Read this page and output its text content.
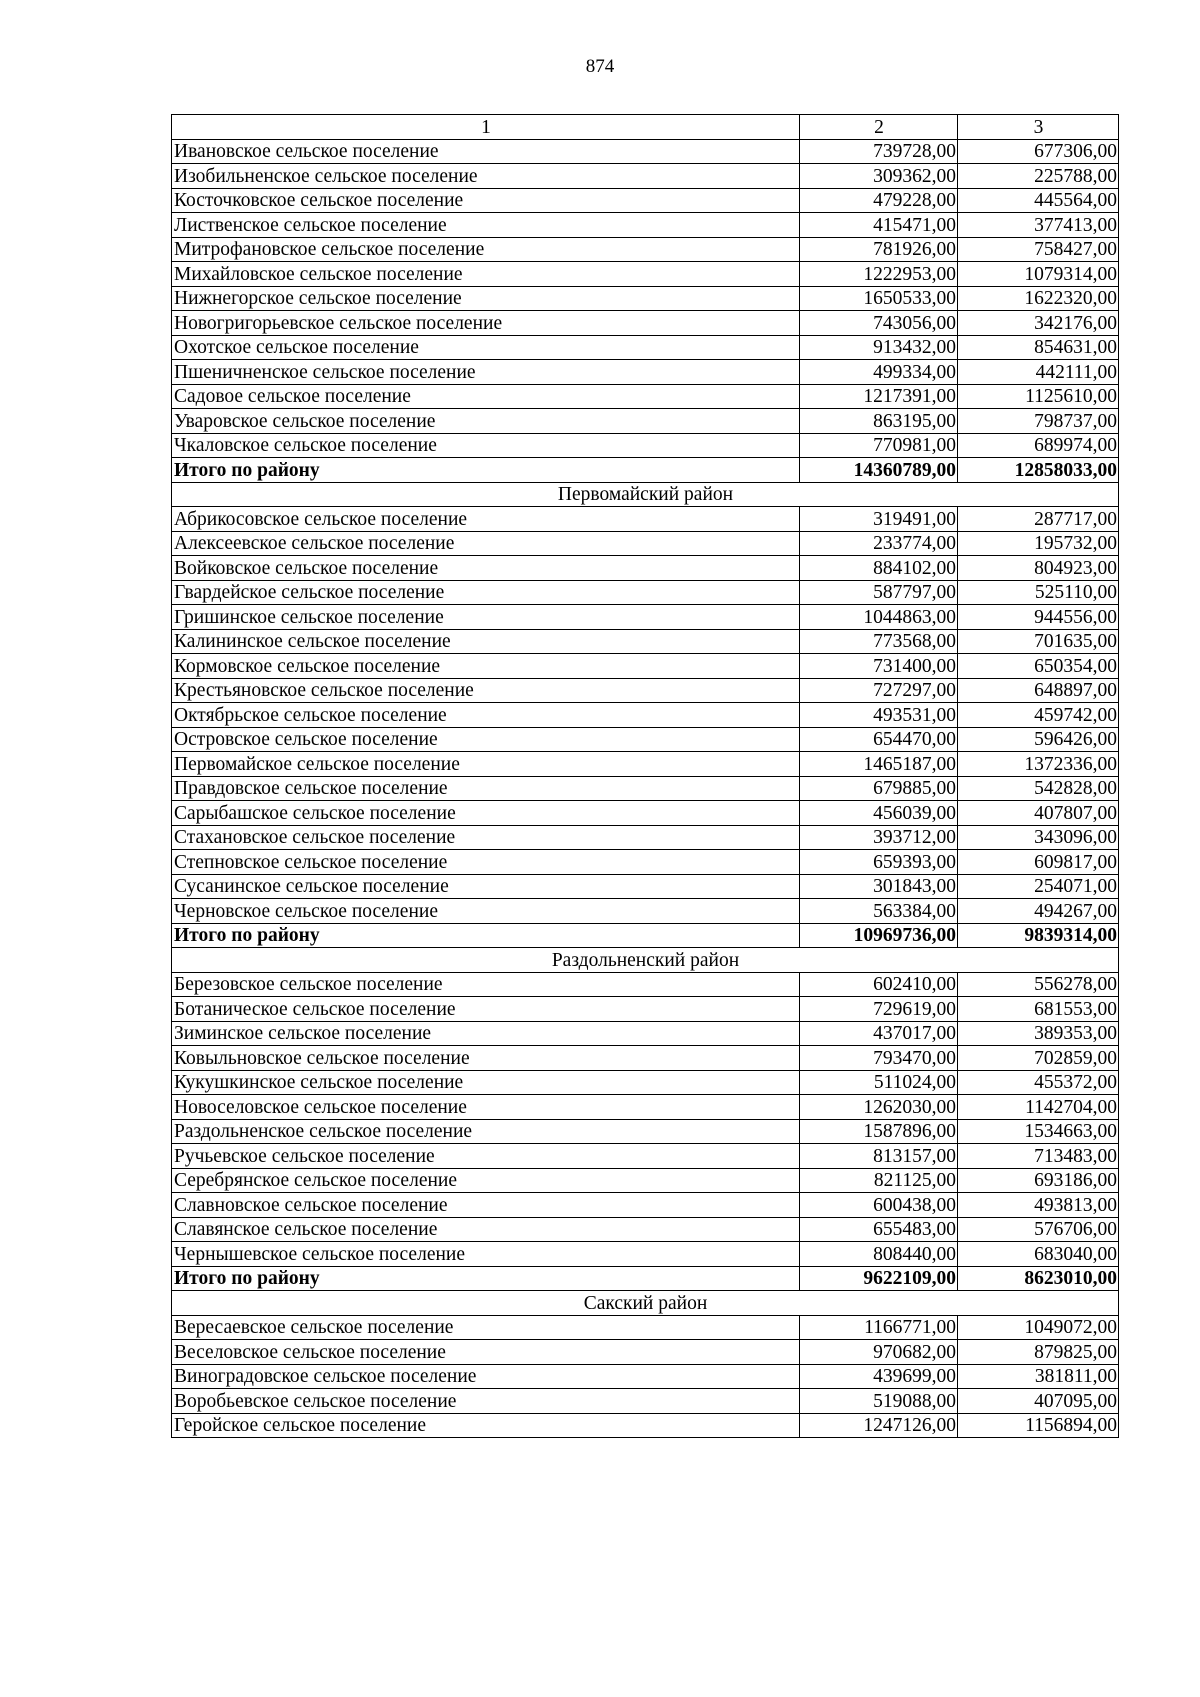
874
1	2	3
Ивановское сельское поселение	739728,00	677306,00
Изобильненское сельское поселение	309362,00	225788,00
Косточковское сельское поселение	479228,00	445564,00
Лиственское сельское поселение	415471,00	377413,00
Митрофановское сельское поселение	781926,00	758427,00
Михайловское сельское поселение	1222953,00	1079314,00
Нижнегорское сельское поселение	1650533,00	1622320,00
Новогригорьевское сельское поселение	743056,00	342176,00
Охотское сельское поселение	913432,00	854631,00
Пшеничненское сельское поселение	499334,00	442111,00
Садовое сельское поселение	1217391,00	1125610,00
Уваровское сельское поселение	863195,00	798737,00
Чкаловское сельское поселение	770981,00	689974,00
Итого по району	14360789,00	12858033,00
Первомайский район		
Абрикосовское сельское поселение	319491,00	287717,00
Алексеевское сельское поселение	233774,00	195732,00
Войковское сельское поселение	884102,00	804923,00
Гвардейское сельское поселение	587797,00	525110,00
Гришинское сельское поселение	1044863,00	944556,00
Калининское сельское поселение	773568,00	701635,00
Кормовское сельское поселение	731400,00	650354,00
Крестьяновское сельское поселение	727297,00	648897,00
Октябрьское сельское поселение	493531,00	459742,00
Островское сельское поселение	654470,00	596426,00
Первомайское сельское поселение	1465187,00	1372336,00
Правдовское сельское поселение	679885,00	542828,00
Сарыбашское сельское поселение	456039,00	407807,00
Стахановское сельское поселение	393712,00	343096,00
Степновское сельское поселение	659393,00	609817,00
Сусанинское сельское поселение	301843,00	254071,00
Черновское сельское поселение	563384,00	494267,00
Итого по району	10969736,00	9839314,00
Раздольненский район		
Березовское сельское поселение	602410,00	556278,00
Ботаническое сельское поселение	729619,00	681553,00
Зиминское сельское поселение	437017,00	389353,00
Ковыльновское сельское поселение	793470,00	702859,00
Кукушкинское сельское поселение	511024,00	455372,00
Новоселовское сельское поселение	1262030,00	1142704,00
Раздольненское сельское поселение	1587896,00	1534663,00
Ручьевское сельское поселение	813157,00	713483,00
Серебрянское сельское поселение	821125,00	693186,00
Славновское сельское поселение	600438,00	493813,00
Славянское сельское поселение	655483,00	576706,00
Чернышевское сельское поселение	808440,00	683040,00
Итого по району	9622109,00	8623010,00
Сакский район		
Вересаевское сельское поселение	1166771,00	1049072,00
Веселовское сельское поселение	970682,00	879825,00
Виноградовское сельское поселение	439699,00	381811,00
Воробьевское сельское поселение	519088,00	407095,00
Геройское сельское поселение	1247126,00	1156894,00
